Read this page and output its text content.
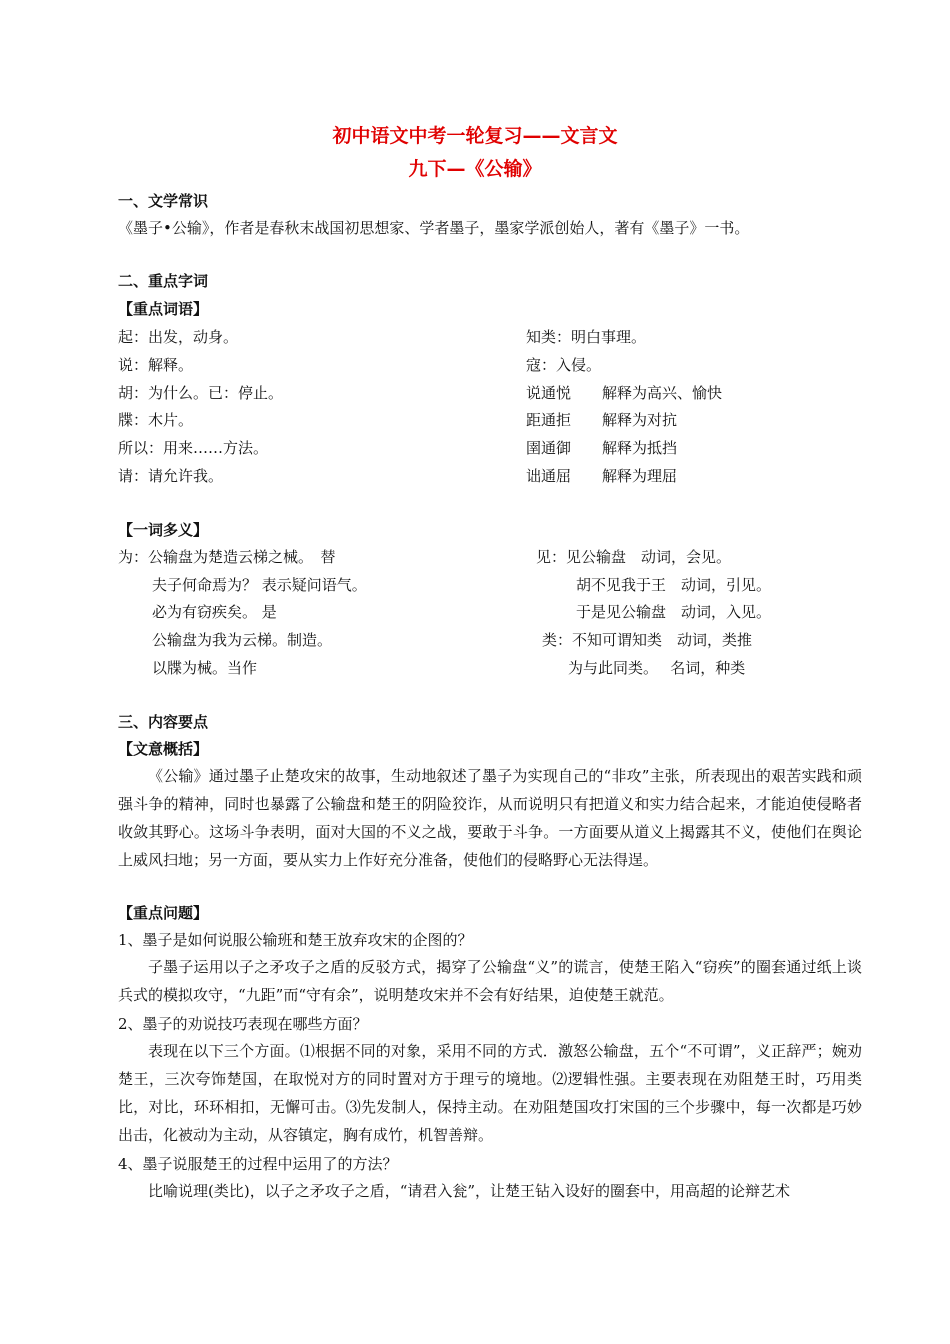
初中语文中考一轮复习——文言文
九下—《公输》
一、文学常识
《墨子•公输》，作者是春秋末战国初思想家、学者墨子，墨家学派创始人，著有《墨子》一书。
二、重点字词
【重点词语】
起：出发，动身。
说：解释。
胡：为什么。已：停止。
牒：木片。
所以：用来……方法。
请：请允许我。
知类：明白事理。
寇：入侵。
说通悦
距通拒
圉通御
诎通屈
解释为高兴、愉快
解释为对抗
解释为抵挡
解释为理屈
【一词多义】
为：公输盘为楚造云梯之械。　替
夫子何命焉为？ 表示疑问语气。
必为有窃疾矣。 是
公输盘为我为云梯。制造。
以牒为械。当作
见：见公输盘　动词，会见。
胡不见我于王　动词，引见。
于是见公输盘　动词，入见。
类：不知可谓知类　动词，类推
为与此同类。　 名词，种类
三、内容要点
【文意概括】
《公输》通过墨子止楚攻宋的故事，生动地叙述了墨子为实现自己的“非攻”主张，所表现出的艰苦实践和顽强斗争的精神，同时也暴露了公输盘和楚王的阴险狡诈，从而说明只有把道义和实力结合起来，才能迫使侵略者收敛其野心。这场斗争表明，面对大国的不义之战，要敢于斗争。一方面要从道义上揭露其不义，使他们在舆论上威风扫地；另一方面，要从实力上作好充分准备，使他们的侵略野心无法得逞。
【重点问题】
1、墨子是如何说服公输班和楚王放弃攻宋的企图的？
子墨子运用以子之矛攻子之盾的反驳方式，揭穿了公输盘“义”的谎言，使楚王陷入“窃疾”的圈套通过纸上谈兵式的模拟攻守，“九距”而“守有余”，说明楚攻宋并不会有好结果，迫使楚王就范。
2、墨子的劝说技巧表现在哪些方面？
表现在以下三个方面。⑴根据不同的对象，采用不同的方式．激怒公输盘，五个“不可谓”，义正辞严；婉劝楚王，三次夸饰楚国，在取悦对方的同时置对方于理亏的境地。⑵逻辑性强。主要表现在劝阻楚王时，巧用类比，对比，环环相扣，无懈可击。⑶先发制人，保持主动。在劝阻楚国攻打宋国的三个步骤中，每一次都是巧妙出击，化被动为主动，从容镇定，胸有成竹，机智善辩。
4、墨子说服楚王的过程中运用了的方法？
比喻说理(类比)，以子之矛攻子之盾，“请君入瓮”，让楚王钻入设好的圈套中，用高超的论辩艺术
